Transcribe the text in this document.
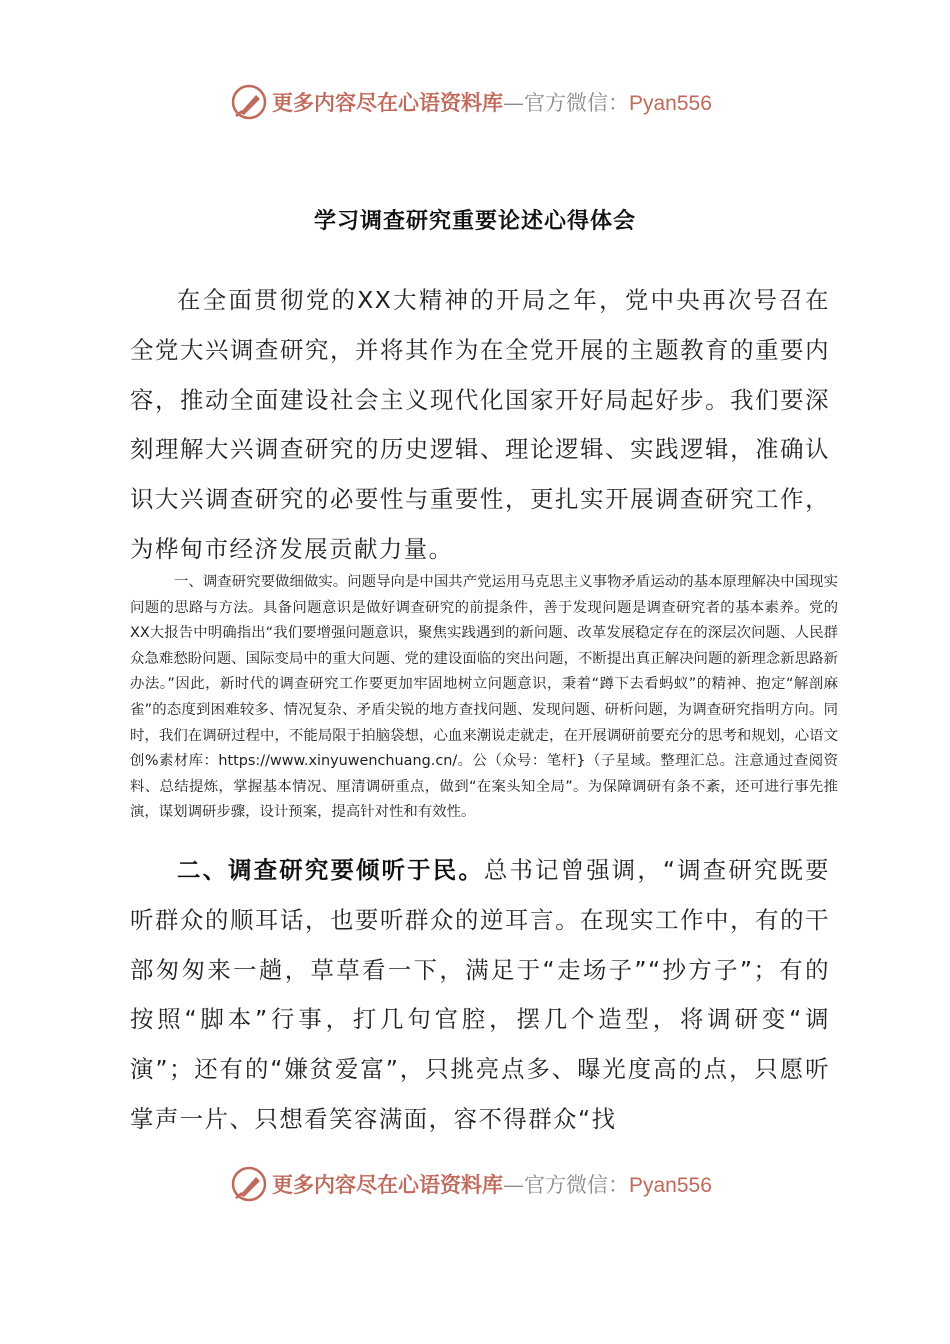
更多内容尽在心语资料库—官方微信：Pyan556
学习调查研究重要论述心得体会

在全面贯彻党的XX大精神的开局之年，党中央再次号召在全党大兴调查研究，并将其作为在全党开展的主题教育的重要内容，推动全面建设社会主义现代化国家开好局起好步。我们要深刻理解大兴调查研究的历史逻辑、理论逻辑、实践逻辑，准确认识大兴调查研究的必要性与重要性，更扎实开展调查研究工作，为桦甸市经济发展贡献力量。

一、调查研究要做细做实。问题导向是中国共产党运用马克思主义事物矛盾运动的基本原理解决中国现实问题的思路与方法。具备问题意识是做好调查研究的前提条件，善于发现问题是调查研究者的基本素养。党的XX大报告中明确指出“我们要增强问题意识，聚焦实践遇到的新问题、改革发展稳定存在的深层次问题、人民群众急难愁盼问题、国际变局中的重大问题、党的建设面临的突出问题，不断提出真正解决问题的新理念新思路新办法。”因此，新时代的调查研究工作要更加牢固地树立问题意识，秉着“蹲下去看蚂蚁”的精神、抱定“解剖麻雀”的态度到困难较多、情况复杂、矛盾尖锐的地方查找问题、发现问题、研析问题，为调查研究指明方向。同时，我们在调研过程中，不能局限于拍脑袋想，心血来潮说走就走，在开展调研前要充分的思考和规划，心语文创%素材库：https://www.xinyuwenchuang.cn/。公（众号：笔杆}（子星域。整理汇总。注意通过查阅资料、总结提炼，掌握基本情况、厘清调研重点，做到“在案头知全局”。为保障调研有条不紊，还可进行事先推演，谋划调研步骤，设计预案，提高针对性和有效性。

二、调查研究要倾听于民。总书记曾强调，“调查研究既要听群众的顺耳话，也要听群众的逆耳言。在现实工作中，有的干部匆匆来一趟，草草看一下，满足于“走场子”“抄方子”；有的按照“脚本”行事，打几句官腔，摆几个造型，将调研变“调演”；还有的“嫌贫爱富”，只挑亮点多、曝光度高的点，只愿听掌声一片、只想看笑容满面，容不得群众“找

更多内容尽在心语资料库—官方微信：Pyan556
